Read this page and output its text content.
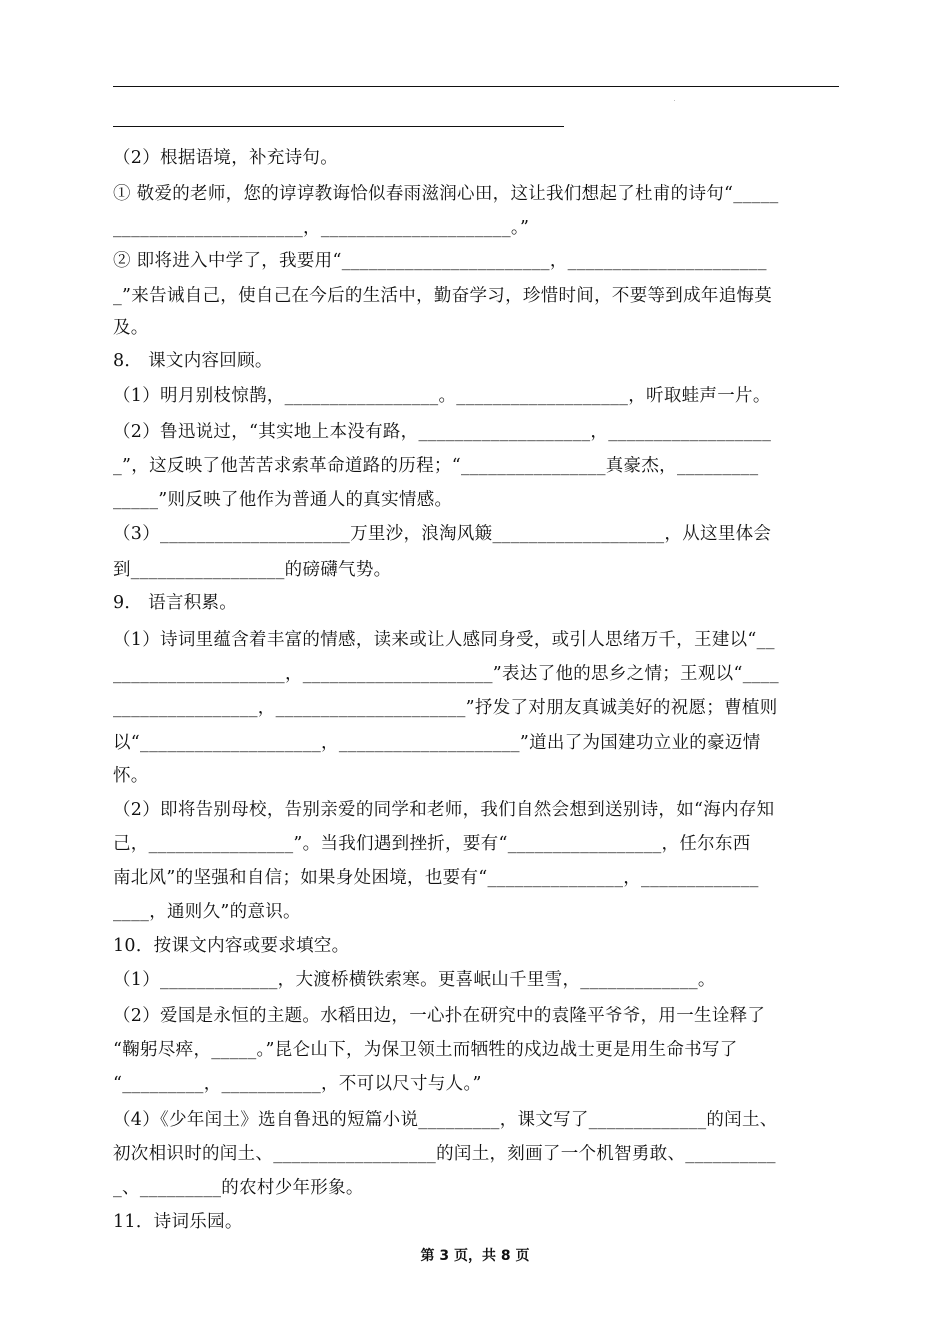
（2）根据语境，补充诗句。
① 敬爱的老师，您的谆谆教诲恰似春雨滋润心田，这让我们想起了杜甫的诗句“_____
_____________________，_____________________。”
② 即将进入中学了，我要用“_______________________，______________________
_”来告诫自己，使自己在今后的生活中，勤奋学习，珍惜时间，不要等到成年追悔莫
及。
8． 课文内容回顾。
（1）明月别枝惊鹊，_________________。___________________，听取蛙声一片。
（2）鲁迅说过，“其实地上本没有路，___________________，__________________
_”，这反映了他苦苦求索革命道路的历程；“________________真豪杰，_________
_____”则反映了他作为普通人的真实情感。
（3）_____________________万里沙，浪淘风簸___________________，从这里体会
到_________________的磅礴气势。
9． 语言积累。
（1）诗词里蕴含着丰富的情感，读来或让人感同身受，或引人思绪万千，王建以“__
___________________，_____________________”表达了他的思乡之情；王观以“____
________________，_____________________”抒发了对朋友真诚美好的祝愿；曹植则
以“____________________，____________________”道出了为国建功立业的豪迈情
怀。
（2）即将告别母校，告别亲爱的同学和老师，我们自然会想到送别诗，如“海内存知
己，________________”。当我们遇到挫折，要有“_________________，任尔东西
南北风”的坚强和自信；如果身处困境，也要有“_______________，_____________
____，通则久”的意识。
10．按课文内容或要求填空。
（1）_____________，大渡桥横铁索寒。更喜岷山千里雪，_____________。
（2）爱国是永恒的主题。水稻田边，一心扑在研究中的袁隆平爷爷，用一生诠释了
“鞠躬尽瘁，_____。”昆仑山下，为保卫领土而牺牲的戍边战士更是用生命书写了
“_________，___________，不可以尺寸与人。”
（4）《少年闰土》选自鲁迅的短篇小说_________，课文写了_____________的闰土、
初次相识时的闰土、__________________的闰土，刻画了一个机智勇敢、__________
_、_________的农村少年形象。
11．诗词乐园。
第 3 页，共 8 页
